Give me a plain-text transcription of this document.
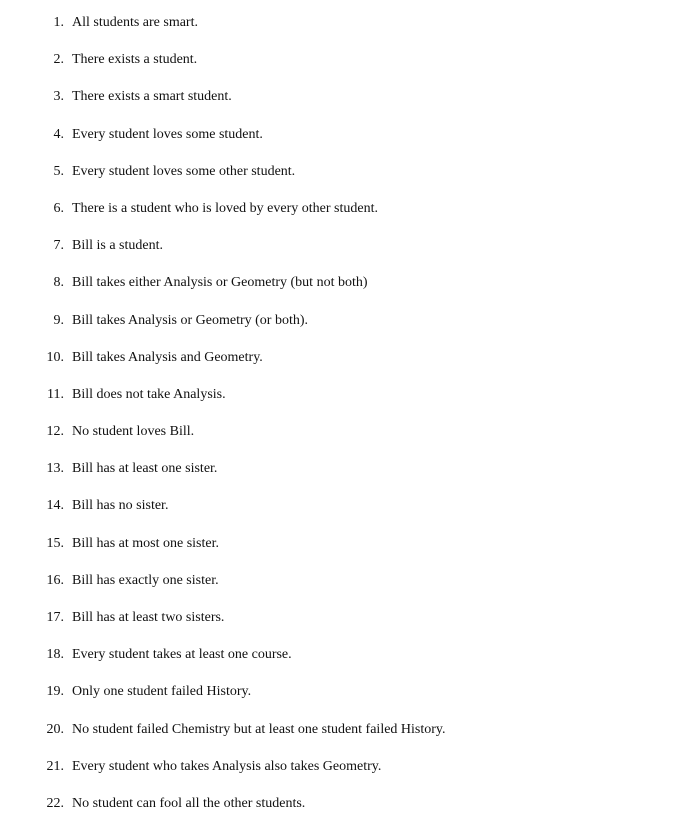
1. All students are smart.
2. There exists a student.
3. There exists a smart student.
4. Every student loves some student.
5. Every student loves some other student.
6. There is a student who is loved by every other student.
7. Bill is a student.
8. Bill takes either Analysis or Geometry (but not both)
9. Bill takes Analysis or Geometry (or both).
10. Bill takes Analysis and Geometry.
11. Bill does not take Analysis.
12. No student loves Bill.
13. Bill has at least one sister.
14. Bill has no sister.
15. Bill has at most one sister.
16. Bill has exactly one sister.
17. Bill has at least two sisters.
18. Every student takes at least one course.
19. Only one student failed History.
20. No student failed Chemistry but at least one student failed History.
21. Every student who takes Analysis also takes Geometry.
22. No student can fool all the other students.
